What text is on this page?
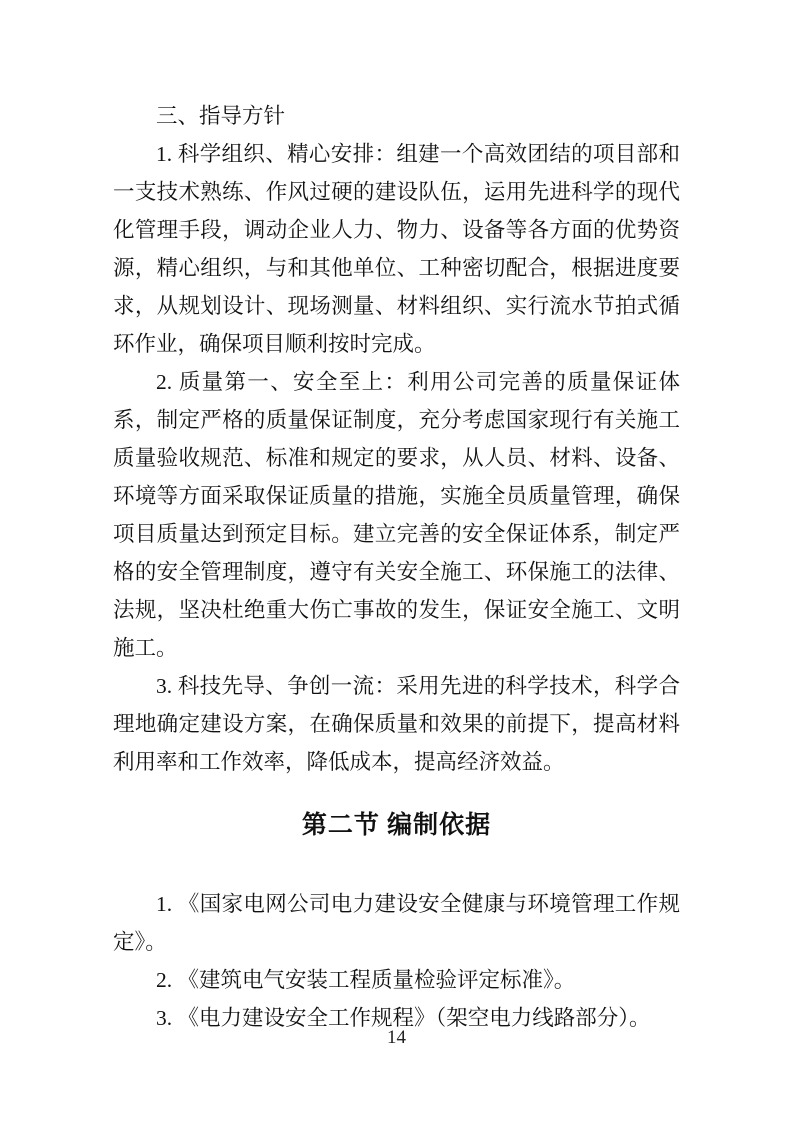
三、指导方针

1. 科学组织、精心安排：组建一个高效团结的项目部和一支技术熟练、作风过硬的建设队伍，运用先进科学的现代化管理手段，调动企业人力、物力、设备等各方面的优势资源，精心组织，与和其他单位、工种密切配合，根据进度要求，从规划设计、现场测量、材料组织、实行流水节拍式循环作业，确保项目顺利按时完成。

2. 质量第一、安全至上：利用公司完善的质量保证体系，制定严格的质量保证制度，充分考虑国家现行有关施工质量验收规范、标准和规定的要求，从人员、材料、设备、环境等方面采取保证质量的措施，实施全员质量管理，确保项目质量达到预定目标。建立完善的安全保证体系，制定严格的安全管理制度，遵守有关安全施工、环保施工的法律、法规，坚决杜绝重大伤亡事故的发生，保证安全施工、文明施工。

3. 科技先导、争创一流：采用先进的科学技术，科学合理地确定建设方案，在确保质量和效果的前提下，提高材料利用率和工作效率，降低成本，提高经济效益。

第二节 编制依据

1. 《国家电网公司电力建设安全健康与环境管理工作规定》。

2. 《建筑电气安装工程质量检验评定标准》。

3. 《电力建设安全工作规程》（架空电力线路部分）。

14
